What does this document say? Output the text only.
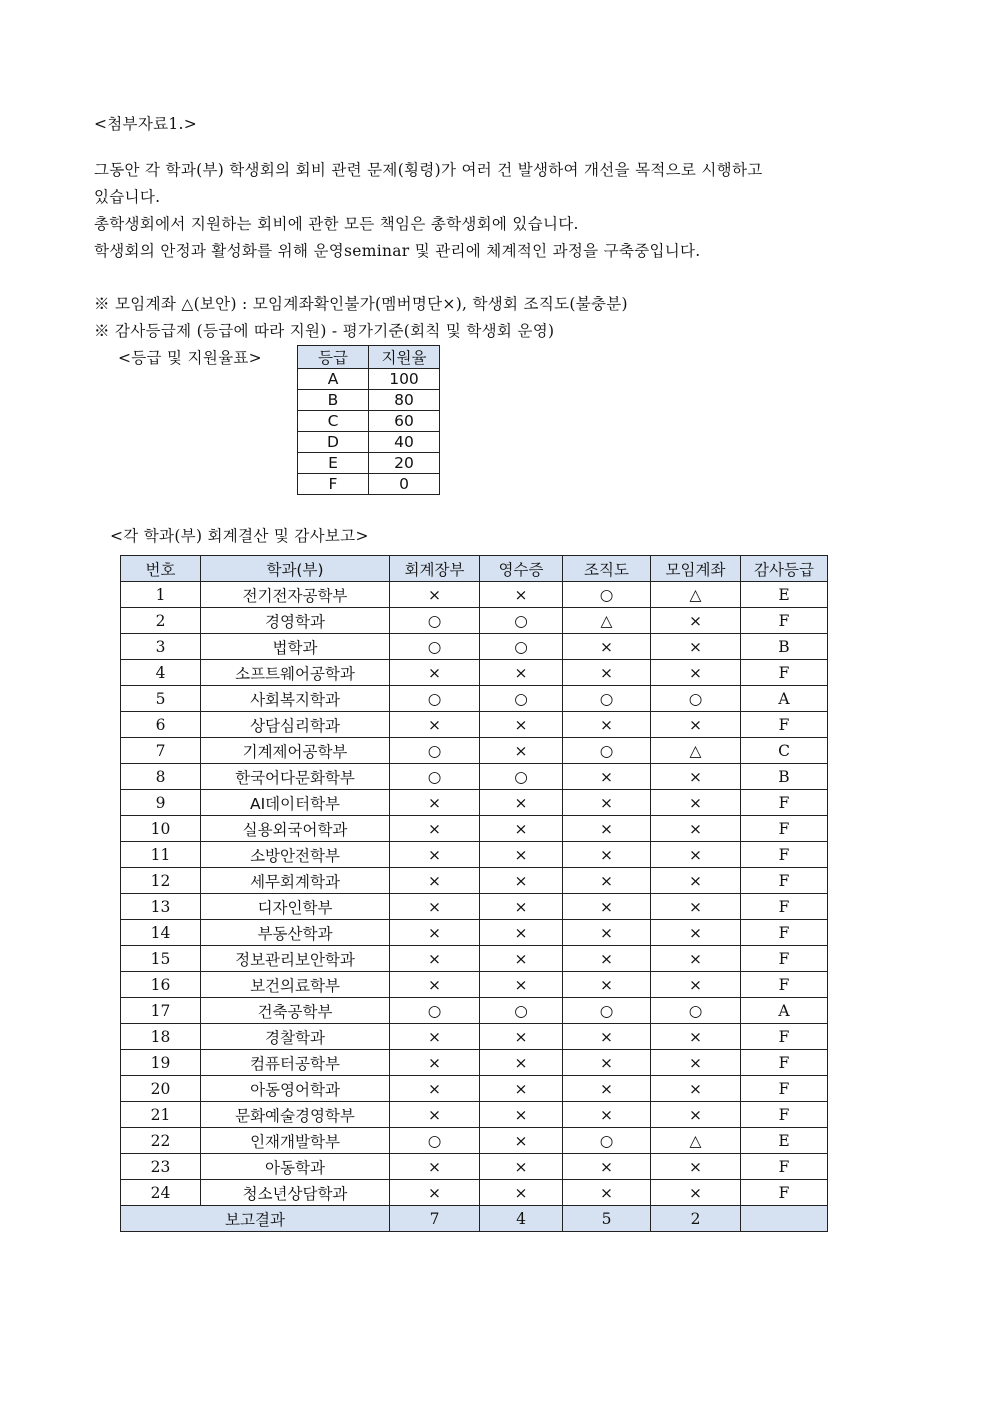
<첨부자료1.>
그동안 각 학과(부) 학생회의 회비 관련 문제(횡령)가 여러 건 발생하여 개선을 목적으로 시행하고
있습니다.
총학생회에서 지원하는 회비에 관한 모든 책임은 총학생회에 있습니다.
학생회의 안정과 활성화를 위해 운영seminar 및 관리에 체계적인 과정을 구축중입니다.
※ 모임계좌 △(보안) : 모임계좌확인불가(멤버명단×), 학생회 조직도(불충분)
※ 감사등급제 (등급에 따라 지원) - 평가기준(회칙 및 학생회 운영)
<등급 및 지원율표>	등급	지원율
A	100
B	80
C	60
D	40
E	20
F	0
<각 학과(부) 회계결산 및 감사보고>
번호	학과(부)	회계장부	영수증	조직도	모임계좌	감사등급
1	전기전자공학부	×	×	○	△	E
2	경영학과	○	○	△	×	F
3	법학과	○	○	×	×	B
4	소프트웨어공학과	×	×	×	×	F
5	사회복지학과	○	○	○	○	A
6	상담심리학과	×	×	×	×	F
7	기계제어공학부	○	×	○	△	C
8	한국어다문화학부	○	○	×	×	B
9	AI데이터학부	×	×	×	×	F
10	실용외국어학과	×	×	×	×	F
11	소방안전학부	×	×	×	×	F
12	세무회계학과	×	×	×	×	F
13	디자인학부	×	×	×	×	F
14	부동산학과	×	×	×	×	F
15	정보관리보안학과	×	×	×	×	F
16	보건의료학부	×	×	×	×	F
17	건축공학부	○	○	○	○	A
18	경찰학과	×	×	×	×	F
19	컴퓨터공학부	×	×	×	×	F
20	아동영어학과	×	×	×	×	F
21	문화예술경영학부	×	×	×	×	F
22	인재개발학부	○	×	○	△	E
23	아동학과	×	×	×	×	F
24	청소년상담학과	×	×	×	×	F
보고결과		7	4	5	2	
